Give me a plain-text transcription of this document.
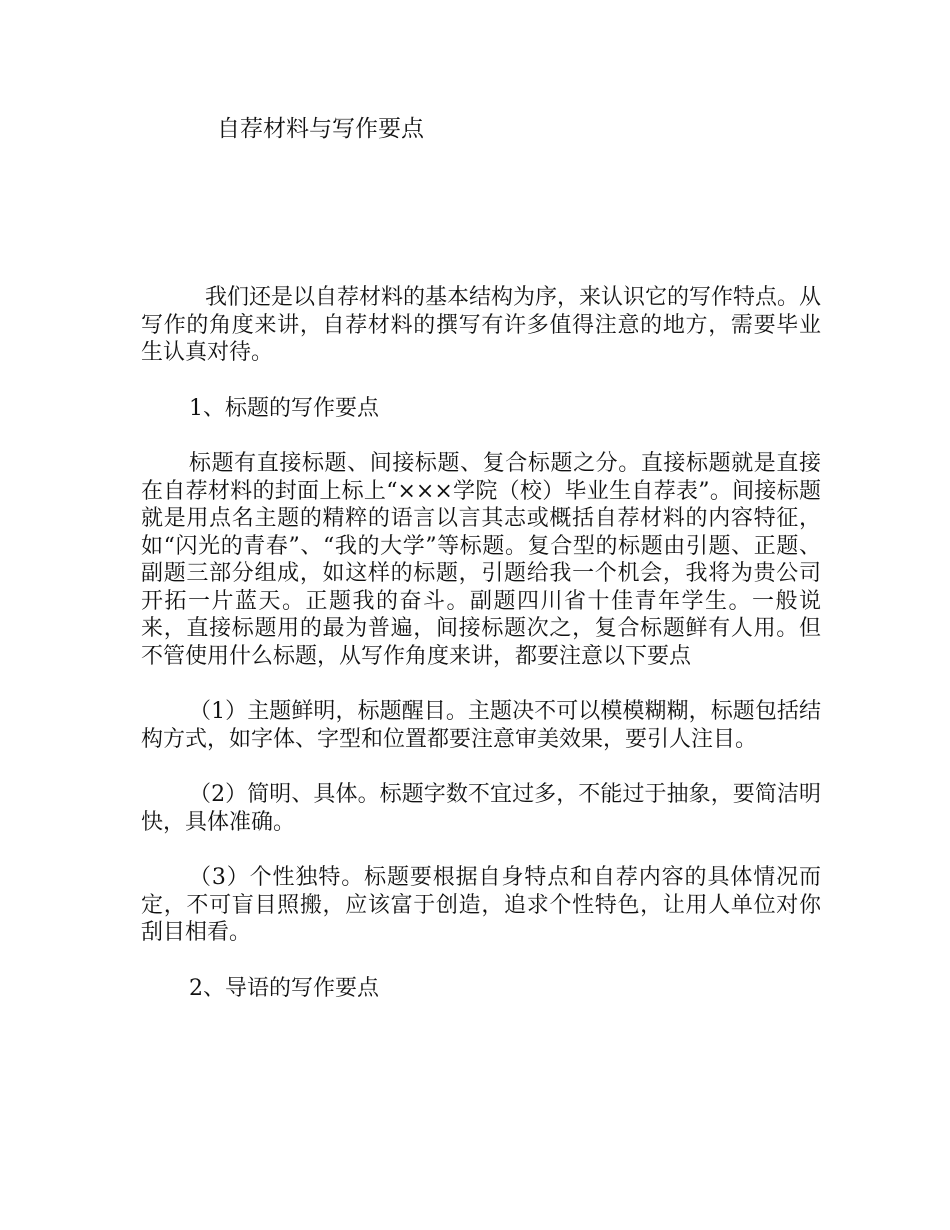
自荐材料与写作要点

我们还是以自荐材料的基本结构为序，来认识它的写作特点。从写作的角度来讲，自荐材料的撰写有许多值得注意的地方，需要毕业生认真对待。

1、标题的写作要点

标题有直接标题、间接标题、复合标题之分。直接标题就是直接在自荐材料的封面上标上“×××学院（校）毕业生自荐表”。间接标题就是用点名主题的精粹的语言以言其志或概括自荐材料的内容特征，如“闪光的青春”、“我的大学”等标题。复合型的标题由引题、正题、副题三部分组成，如这样的标题，引题给我一个机会，我将为贵公司开拓一片蓝天。正题我的奋斗。副题四川省十佳青年学生。一般说来，直接标题用的最为普遍，间接标题次之，复合标题鲜有人用。但不管使用什么标题，从写作角度来讲，都要注意以下要点

（1）主题鲜明，标题醒目。主题决不可以模模糊糊，标题包括结构方式，如字体、字型和位置都要注意审美效果，要引人注目。

（2）简明、具体。标题字数不宜过多，不能过于抽象，要简洁明快，具体准确。

（3）个性独特。标题要根据自身特点和自荐内容的具体情况而定，不可盲目照搬，应该富于创造，追求个性特色，让用人单位对你刮目相看。

2、导语的写作要点
